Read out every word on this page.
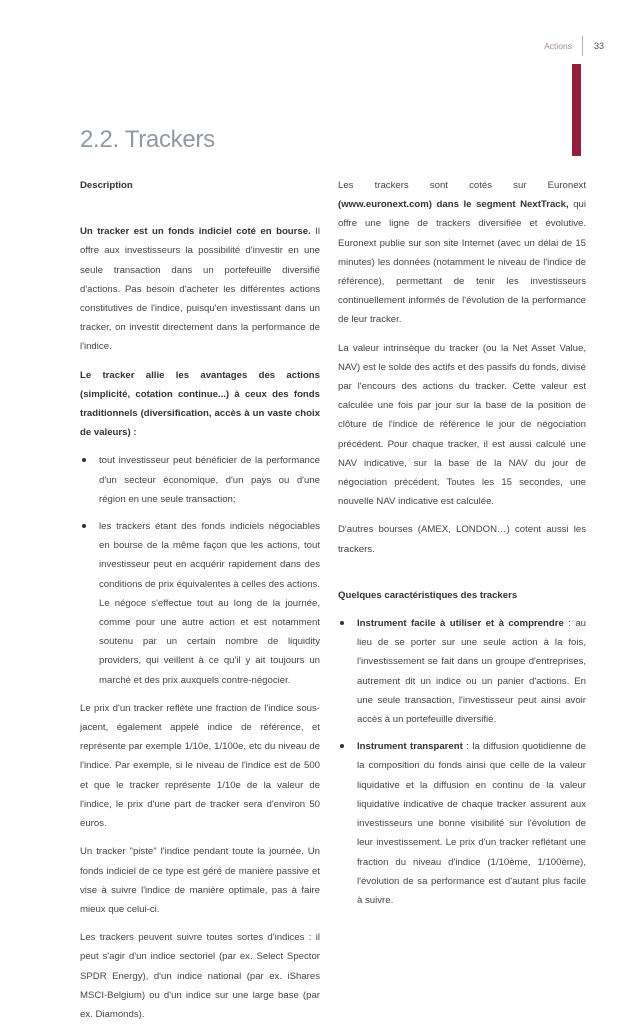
Actions 33
2.2. Trackers

Description

Un tracker est un fonds indiciel coté en bourse. Il offre aux investisseurs la possibilité d'investir en une seule transaction dans un portefeuille diversifié d'actions. Pas besoin d'acheter les différentes actions constitutives de l'indice, puisqu'en investissant dans un tracker, on investit directement dans la performance de l'indice.

Le tracker allie les avantages des actions (simplicité, cotation continue...) à ceux des fonds traditionnels (diversification, accès à un vaste choix de valeurs) :

tout investisseur peut bénéficier de la performance d'un secteur économique, d'un pays ou d'une région en une seule transaction;
les trackers étant des fonds indiciels négociables en bourse de la même façon que les actions, tout investisseur peut en acquérir rapidement dans des conditions de prix équivalentes à celles des actions. Le négoce s'effectue tout au long de la journée, comme pour une autre action et est notamment soutenu par un certain nombre de liquidity providers, qui veillent à ce qu'il y ait toujours un marché et des prix auxquels contre-négocier.

Le prix d'un tracker reflète une fraction de l'indice sous-jacent, également appelé indice de référence, et représente par exemple 1/10e, 1/100e, etc du niveau de l'indice. Par exemple, si le niveau de l'indice est de 500 et que le tracker représente 1/10e de la valeur de l'indice, le prix d'une part de tracker sera d'environ 50 euros.

Un tracker "piste" l'indice pendant toute la journée. Un fonds indiciel de ce type est géré de manière passive et vise à suivre l'indice de manière optimale, pas à faire mieux que celui-ci.

Les trackers peuvent suivre toutes sortes d'indices : il peut s'agir d'un indice sectoriel (par ex. Select Spector SPDR Energy), d'un indice national (par ex. iShares MSCI-Belgium) ou d'un indice sur une large base (par ex. Diamonds).

Les trackers sont cotés sur Euronext (www.euronext.com) dans le segment NextTrack, qui offre une ligne de trackers diversifiée et évolutive. Euronext publie sur son site Internet (avec un délai de 15 minutes) les données (notamment le niveau de l'indice de référence), permettant de tenir les investisseurs continuellement informés de l'évolution de la performance de leur tracker.

La valeur intrinsèque du tracker (ou la Net Asset Value, NAV) est le solde des actifs et des passifs du fonds, divisé par l'encours des actions du tracker. Cette valeur est calculée une fois par jour sur la base de la position de clôture de l'indice de référence le jour de négociation précédent. Pour chaque tracker, il est aussi calculé une NAV indicative, sur la base de la NAV du jour de négociation précédent. Toutes les 15 secondes, une nouvelle NAV indicative est calculée.

D'autres bourses (AMEX, LONDON…) cotent aussi les trackers.

Quelques caractéristiques des trackers

Instrument facile à utiliser et à comprendre : au lieu de se porter sur une seule action à la fois, l'investissement se fait dans un groupe d'entreprises, autrement dit un indice ou un panier d'actions. En une seule transaction, l'investisseur peut ainsi avoir accès à un portefeuille diversifié.
Instrument transparent : la diffusion quotidienne de la composition du fonds ainsi que celle de la valeur liquidative et la diffusion en continu de la valeur liquidative indicative de chaque tracker assurent aux investisseurs une bonne visibilité sur l'évolution de leur investissement. Le prix d'un tracker reflétant une fraction du niveau d'indice (1/10ème, 1/100ème), l'évolution de sa performance est d'autant plus facile à suivre.
